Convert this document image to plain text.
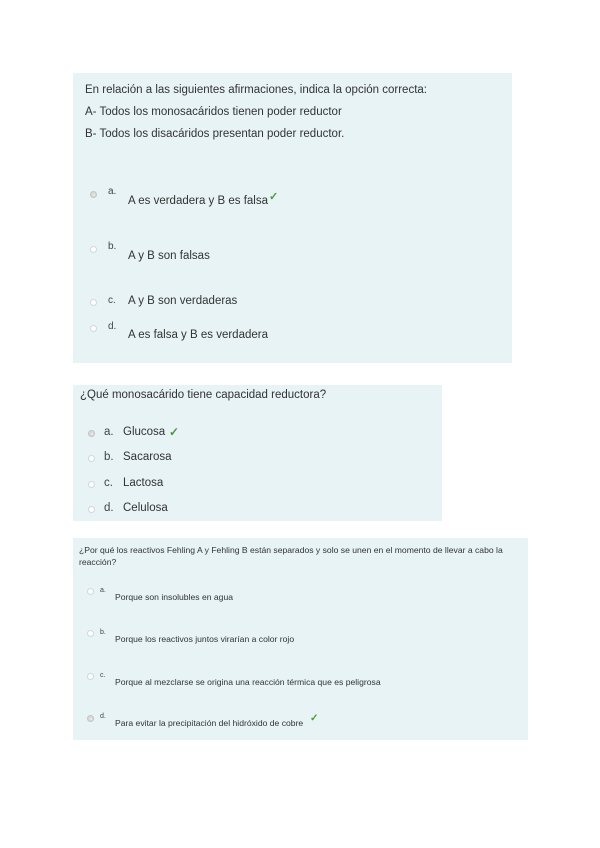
En relación a las siguientes afirmaciones, indica la opción correcta:
A- Todos los monosacáridos tienen poder reductor
B- Todos los disacáridos presentan poder reductor.
a.
A es verdadera y B es falsa ✓
b.
A y B son falsas
c. A y B son verdaderas
d.
A es falsa y B es verdadera
¿Qué monosacárido tiene capacidad reductora?
a. Glucosa ✓
b. Sacarosa
c. Lactosa
d. Celulosa
¿Por qué los reactivos Fehling A y Fehling B están separados y solo se unen en el momento de llevar a cabo la reacción?
a.
Porque son insolubles en agua
b.
Porque los reactivos juntos virarían a color rojo
c.
Porque al mezclarse se origina una reacción térmica que es peligrosa
d.
Para evitar la precipitación del hidróxido de cobre ✓
